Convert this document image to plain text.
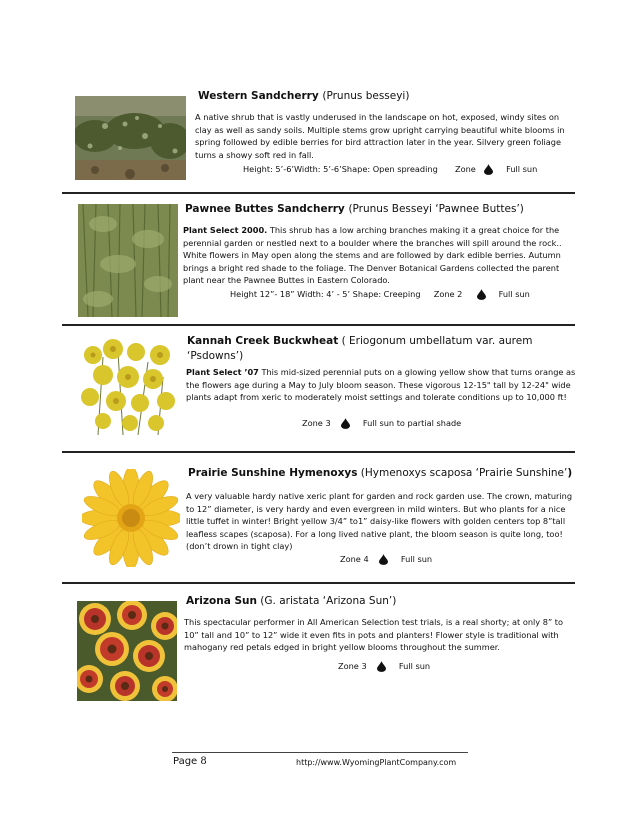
Western Sandcherry (Prunus besseyi)
A native shrub that is vastly underused in the landscape on hot, exposed, windy sites on clay as well as sandy soils. Multiple stems grow upright carrying beautiful white blooms in spring followed by edible berries for bird attraction later in the year. Silvery green foliage turns a showy soft red in fall.
Height: 5’-6’Width: 5’-6’Shape: Open spreading Zone	Full sun
Pawnee Buttes Sandcherry (Prunus Besseyi ‘Pawnee Buttes’)
Plant Select 2000. This shrub has a low arching branches making it a great choice for the perennial garden or nestled next to a boulder where the branches will spill around the rock.. White flowers in May open along the stems and are followed by dark edible berries. Autumn brings a bright red shade to the foliage. The Denver Botanical Gardens collected the parent plant near the Pawnee Buttes in Eastern Colorado.
Height 12”- 18” Width: 4’ - 5’ Shape: Creeping Zone 2	Full sun
Kannah Creek Buckwheat ( Eriogonum umbellatum var. aurem
‘Psdowns’)
Plant Select ’07 This mid-sized perennial puts on a glowing yellow show that turns orange as the flowers age during a May to July bloom season. These vigorous 12-15" tall by 12-24" wide plants adapt from xeric to moderately moist settings and tolerate conditions up to 10,000 ft!
Zone 3	Full sun to partial shade
Prairie Sunshine Hymenoxys (Hymenoxys scaposa ‘Prairie Sunshine’)
A very valuable hardy native xeric plant for garden and rock garden use. The crown, maturing to 12” diameter, is very hardy and even evergreen in mild winters. But who plants for a nice little tuffet in winter! Bright yellow 3/4” to1” daisy-like flowers with golden centers top 8”tall leafless scapes (scaposa). For a long lived native plant, the bloom season is quite long, too! (don’t drown in tight clay)
Zone 4	Full sun
Arizona Sun (G. aristata ‘Arizona Sun’)
This spectacular performer in All American Selection test trials, is a real shorty; at only 8” to 10” tall and 10” to 12” wide it even fits in pots and planters! Flower style is traditional with mahogany red petals edged in bright yellow blooms throughout the summer.
Zone 3	Full sun
Page 8	http://www.WyomingPlantCompany.com
